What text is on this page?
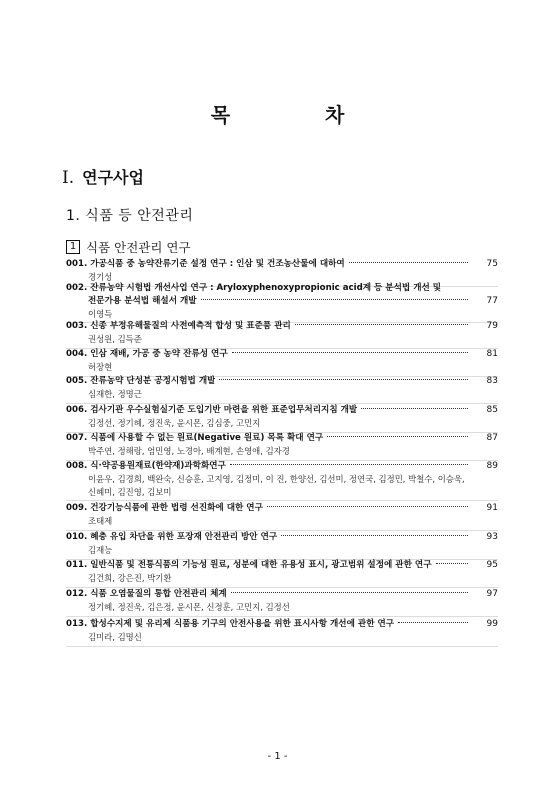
목 차
Ⅰ. 연구사업
1. 식품 등 안전관리
1 식품 안전관리 연구
001. 가공식품 중 농약잔류기준 설정 연구 : 인삼 및 건조농산물에 대하여	75
경기성
002. 잔류농약 시험법 개선사업 연구 : Aryloxyphenoxypropionic acid계 등 분석법 개선 및
전문가용 분석법 해설서 개발	77
이영득
003. 신종 부정유해물질의 사전예측적 합성 및 표준품 관리	79
권성원, 김득준
004. 인삼 재배, 가공 중 농약 잔류성 연구	81
허장현
005. 잔류농약 단성분 공정시험법 개발	83
심재한, 정명근
006. 검사기관 우수실험실기준 도입기반 마련을 위한 표준업무처리지침 개발	85
김정선, 정기혜, 정진욱, 윤시몬, 김심중, 고민지
007. 식품에 사용할 수 없는 원료(Negative 원료) 목록 확대 연구	87
박주연, 정해랑, 엄민영, 노경아, 배계현, 손영애, 김자경
008. 식·약공용원재료(한약재)과학화연구	89
이윤우, 김경희, 백완숙, 신승훈, 고지영, 김정미, 이 진, 한양선, 김선미, 정연국, 김정민, 박철수, 이승욱,
신혜미, 김진영, 김보미
009. 건강기능식품에 관한 법령 선진화에 대한 연구	91
조태제
010. 혜충 유입 차단을 위한 포장재 안전관리 방안 연구	93
김재능
011. 일반식품 및 전통식품의 기능성 원료, 성분에 대한 유용성 표시, 광고범위 설정에 관한 연구	95
김건희, 강은진, 박기환
012. 식품 오염물질의 통합 안전관리 체계	97
정기혜, 정진욱, 김은정, 윤시몬, 신정훈, 고민지, 김정선
013. 합성수지제 및 유리제 식품용 기구의 안전사용을 위한 표시사항 개선에 관한 연구	99
김미라, 김명신
- 1 -
